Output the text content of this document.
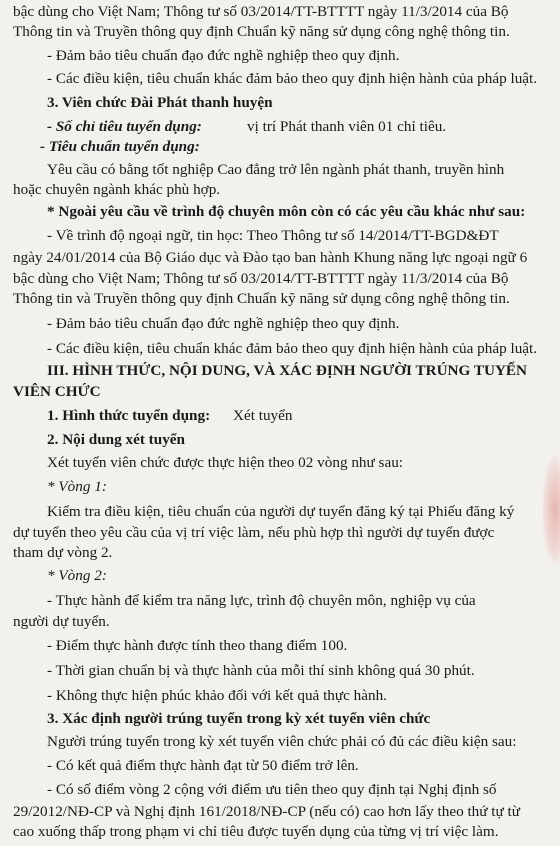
bậc dùng cho Việt Nam; Thông tư số 03/2014/TT-BTTTT ngày 11/3/2014 của Bộ
Thông tin và Truyền thông quy định Chuẩn kỹ năng sử dụng công nghệ thông tin.
- Đảm bảo tiêu chuẩn đạo đức nghề nghiệp theo quy định.
- Các điều kiện, tiêu chuẩn khác đảm bảo theo quy định hiện hành của pháp luật.
3. Viên chức Đài Phát thanh huyện
- Số chỉ tiêu tuyển dụng:	vị trí Phát thanh viên 01 chỉ tiêu.
- Tiêu chuẩn tuyển dụng:
Yêu cầu có bằng tốt nghiệp Cao đẳng trở lên ngành phát thanh, truyền hình
hoặc chuyên ngành khác phù hợp.
* Ngoài yêu cầu về trình độ chuyên môn còn có các yêu cầu khác như sau:
- Về trình độ ngoại ngữ, tin học: Theo Thông tư số 14/2014/TT-BGD&ĐT
ngày 24/01/2014 của Bộ Giáo dục và Đào tạo ban hành Khung năng lực ngoại ngữ 6
bậc dùng cho Việt Nam; Thông tư số 03/2014/TT-BTTTT ngày 11/3/2014 của Bộ
Thông tin và Truyền thông quy định Chuẩn kỹ năng sử dụng công nghệ thông tin.
- Đảm bảo tiêu chuẩn đạo đức nghề nghiệp theo quy định.
- Các điều kiện, tiêu chuẩn khác đảm bảo theo quy định hiện hành của pháp luật.
III. HÌNH THỨC, NỘI DUNG, VÀ XÁC ĐỊNH NGƯỜI TRÚNG TUYỂN
VIÊN CHỨC
1. Hình thức tuyển dụng: Xét tuyển
2. Nội dung xét tuyển
Xét tuyển viên chức được thực hiện theo 02 vòng như sau:
* Vòng 1:
Kiểm tra điều kiện, tiêu chuẩn của người dự tuyển đăng ký tại Phiếu đăng ký
dự tuyển theo yêu cầu của vị trí việc làm, nếu phù hợp thì người dự tuyển được
tham dự vòng 2.
* Vòng 2:
- Thực hành để kiểm tra năng lực, trình độ chuyên môn, nghiệp vụ của
người dự tuyển.
- Điểm thực hành được tính theo thang điểm 100.
- Thời gian chuẩn bị và thực hành của mỗi thí sinh không quá 30 phút.
- Không thực hiện phúc khảo đối với kết quả thực hành.
3. Xác định người trúng tuyển trong kỳ xét tuyển viên chức
Người trúng tuyển trong kỳ xét tuyển viên chức phải có đủ các điều kiện sau:
- Có kết quả điểm thực hành đạt từ 50 điểm trở lên.
- Có số điểm vòng 2 cộng với điểm ưu tiên theo quy định tại Nghị định số
29/2012/NĐ-CP và Nghị định 161/2018/NĐ-CP (nếu có) cao hơn lấy theo thứ tự từ
cao xuống thấp trong phạm vi chỉ tiêu được tuyển dụng của từng vị trí việc làm.
